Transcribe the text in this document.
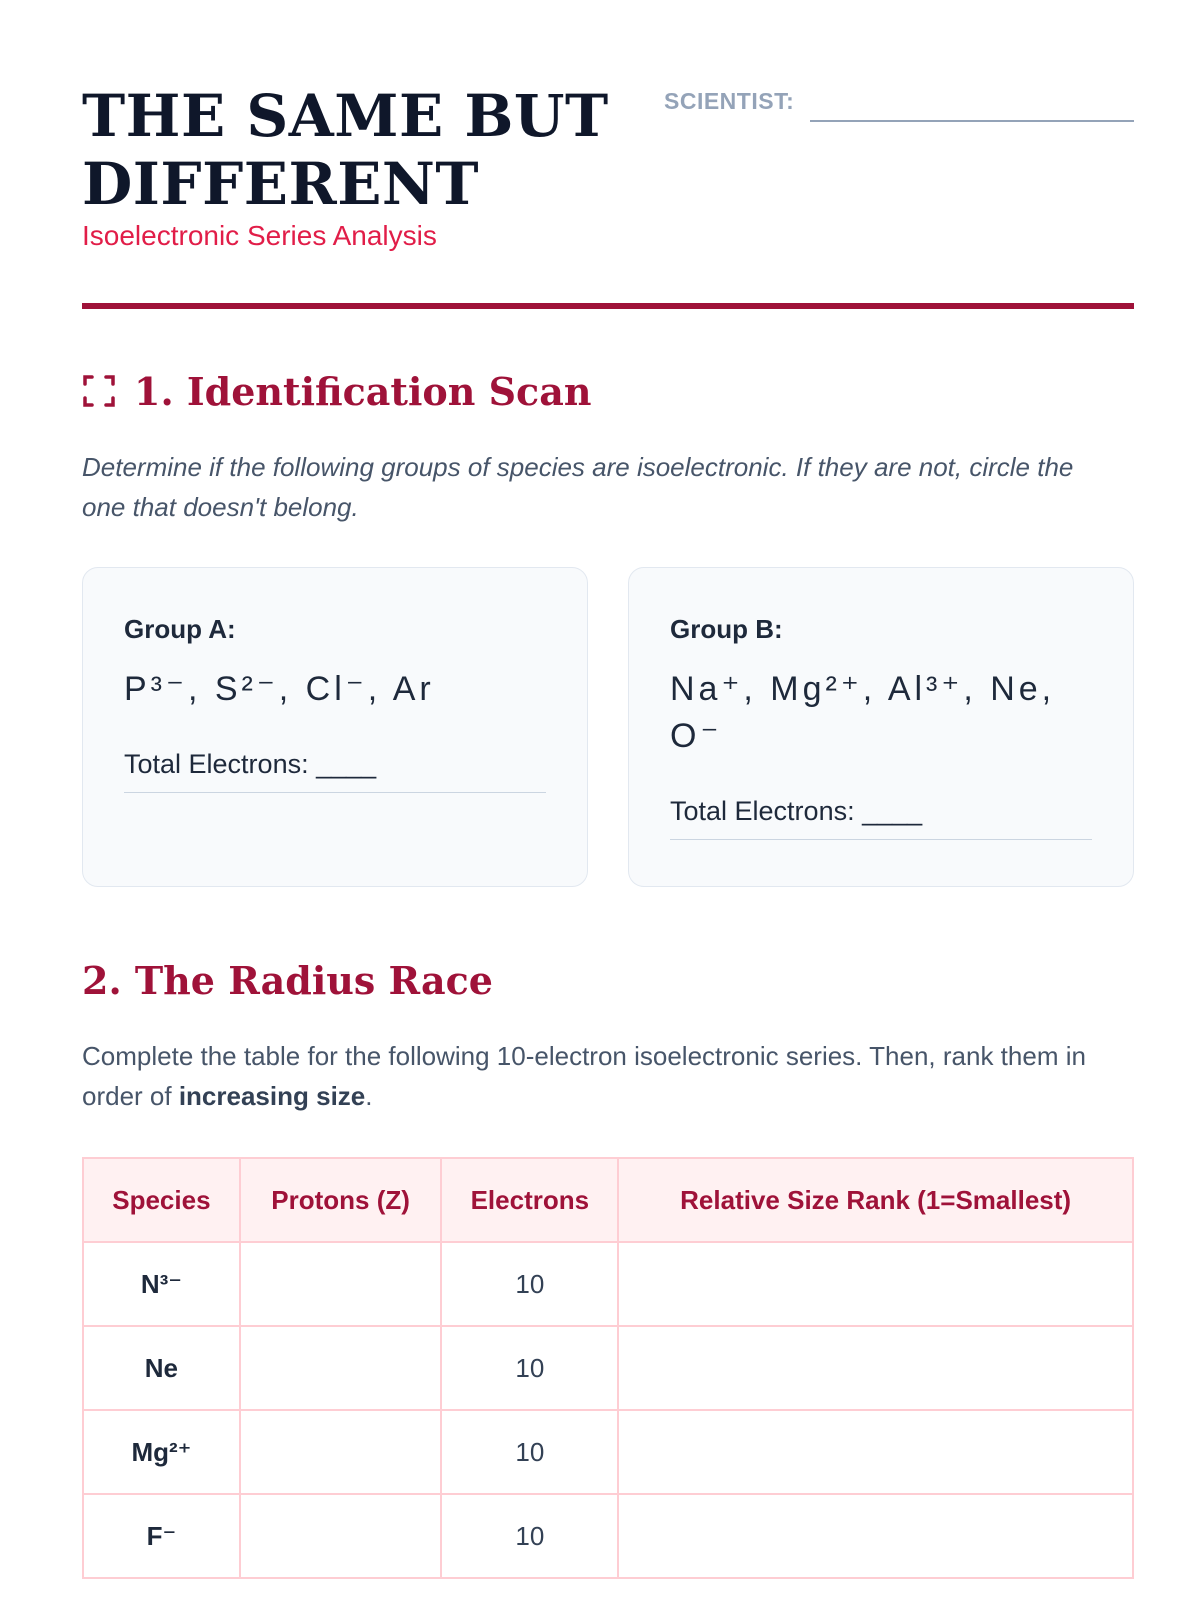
THE SAME BUT
DIFFERENT
Isoelectronic Series Analysis
SCIENTIST:
1. Identification Scan
Determine if the following groups of species are isoelectronic. If they are not, circle the one that doesn't belong.
Group A:
P³⁻, S²⁻, Cl⁻, Ar
Total Electrons: ____
Group B:
Na⁺, Mg²⁺, Al³⁺, Ne, O⁻
Total Electrons: ____
2. The Radius Race
Complete the table for the following 10-electron isoelectronic series. Then, rank them in order of increasing size.
Species	Protons (Z)	Electrons	Relative Size Rank (1=Smallest)
N³⁻		10	
Ne		10	
Mg²⁺		10	
F⁻		10	
